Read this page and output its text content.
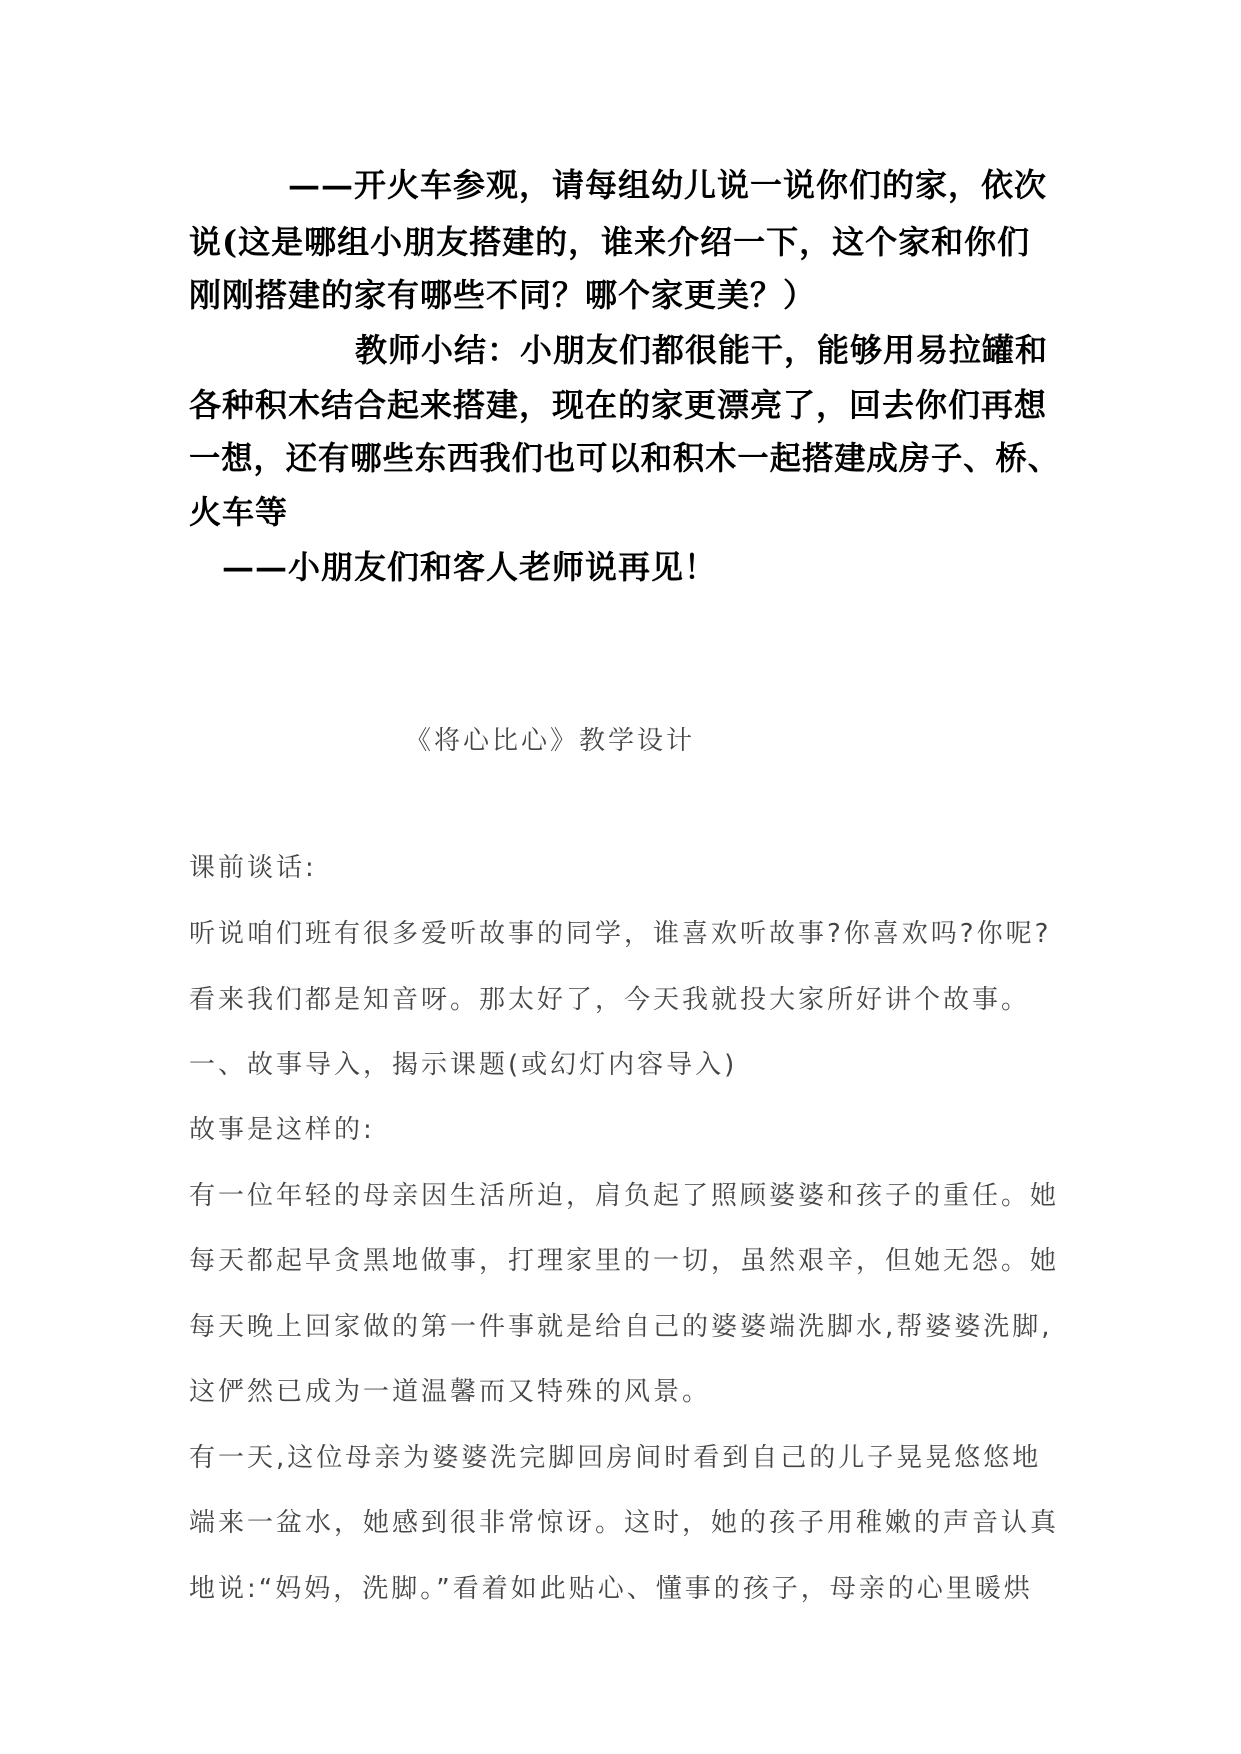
——开火车参观，请每组幼儿说一说你们的家，依次

说(这是哪组小朋友搭建的，谁来介绍一下，这个家和你们

刚刚搭建的家有哪些不同？哪个家更美？）

教师小结：小朋友们都很能干，能够用易拉罐和

各种积木结合起来搭建，现在的家更漂亮了，回去你们再想

一想，还有哪些东西我们也可以和积木一起搭建成房子、桥、

火车等

——小朋友们和客人老师说再见！

《将心比心》教学设计

课前谈话:

听说咱们班有很多爱听故事的同学，谁喜欢听故事?你喜欢吗?你呢?

看来我们都是知音呀。那太好了，今天我就投大家所好讲个故事。

一、故事导入，揭示课题(或幻灯内容导入)

故事是这样的:

有一位年轻的母亲因生活所迫，肩负起了照顾婆婆和孩子的重任。她

每天都起早贪黑地做事，打理家里的一切，虽然艰辛，但她无怨。她

每天晚上回家做的第一件事就是给自己的婆婆端洗脚水,帮婆婆洗脚,

这俨然已成为一道温馨而又特殊的风景。

有一天,这位母亲为婆婆洗完脚回房间时看到自己的儿子晃晃悠悠地

端来一盆水，她感到很非常惊讶。这时，她的孩子用稚嫩的声音认真

地说:“妈妈，洗脚。”看着如此贴心、懂事的孩子，母亲的心里暖烘
